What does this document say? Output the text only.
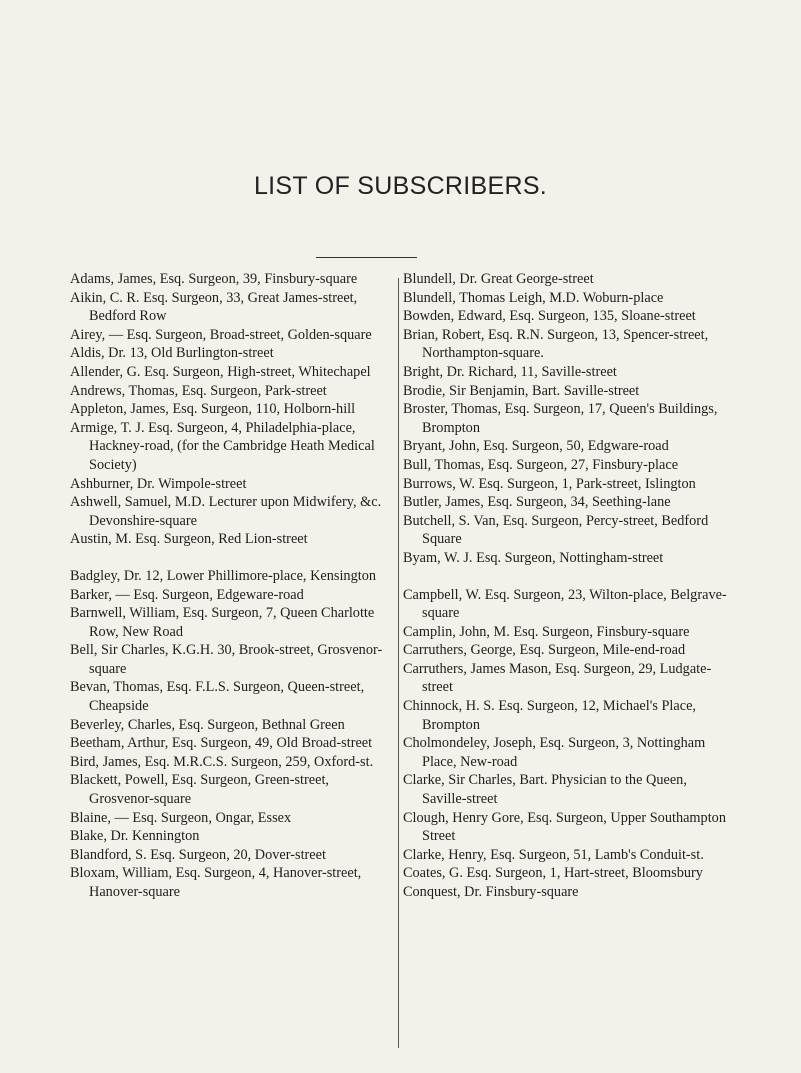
LIST OF SUBSCRIBERS.

Adams, James, Esq. Surgeon, 39, Finsbury-square

Aikin, C. R. Esq. Surgeon, 33, Great James-street, Bedford Row

Airey, — Esq. Surgeon, Broad-street, Golden-square

Aldis, Dr. 13, Old Burlington-street

Allender, G. Esq. Surgeon, High-street, Whitechapel

Andrews, Thomas, Esq. Surgeon, Park-street

Appleton, James, Esq. Surgeon, 110, Holborn-hill

Armige, T. J. Esq. Surgeon, 4, Philadelphia-place, Hackney-road, (for the Cambridge Heath Medical Society)

Ashburner, Dr. Wimpole-street

Ashwell, Samuel, M.D. Lecturer upon Midwifery, &c. Devonshire-square

Austin, M. Esq. Surgeon, Red Lion-street

Badgley, Dr. 12, Lower Phillimore-place, Kensington

Barker, — Esq. Surgeon, Edgeware-road

Barnwell, William, Esq. Surgeon, 7, Queen Charlotte Row, New Road

Bell, Sir Charles, K.G.H. 30, Brook-street, Grosvenor-square

Bevan, Thomas, Esq. F.L.S. Surgeon, Queen-street, Cheapside

Beverley, Charles, Esq. Surgeon, Bethnal Green

Beetham, Arthur, Esq. Surgeon, 49, Old Broad-street

Bird, James, Esq. M.R.C.S. Surgeon, 259, Oxford-st.

Blackett, Powell, Esq. Surgeon, Green-street, Grosvenor-square

Blaine, — Esq. Surgeon, Ongar, Essex

Blake, Dr. Kennington

Blandford, S. Esq. Surgeon, 20, Dover-street

Bloxam, William, Esq. Surgeon, 4, Hanover-street, Hanover-square

Blundell, Dr. Great George-street

Blundell, Thomas Leigh, M.D. Woburn-place

Bowden, Edward, Esq. Surgeon, 135, Sloane-street

Brian, Robert, Esq. R.N. Surgeon, 13, Spencer-street, Northampton-square.

Bright, Dr. Richard, 11, Saville-street

Brodie, Sir Benjamin, Bart. Saville-street

Broster, Thomas, Esq. Surgeon, 17, Queen's Buildings, Brompton

Bryant, John, Esq. Surgeon, 50, Edgware-road

Bull, Thomas, Esq. Surgeon, 27, Finsbury-place

Burrows, W. Esq. Surgeon, 1, Park-street, Islington

Butler, James, Esq. Surgeon, 34, Seething-lane

Butchell, S. Van, Esq. Surgeon, Percy-street, Bedford Square

Byam, W. J. Esq. Surgeon, Nottingham-street

Campbell, W. Esq. Surgeon, 23, Wilton-place, Belgrave-square

Camplin, John, M. Esq. Surgeon, Finsbury-square

Carruthers, George, Esq. Surgeon, Mile-end-road

Carruthers, James Mason, Esq. Surgeon, 29, Ludgate-street

Chinnock, H. S. Esq. Surgeon, 12, Michael's Place, Brompton

Cholmondeley, Joseph, Esq. Surgeon, 3, Nottingham Place, New-road

Clarke, Sir Charles, Bart. Physician to the Queen, Saville-street

Clough, Henry Gore, Esq. Surgeon, Upper Southampton Street

Clarke, Henry, Esq. Surgeon, 51, Lamb's Conduit-st.

Coates, G. Esq. Surgeon, 1, Hart-street, Bloomsbury

Conquest, Dr. Finsbury-square
